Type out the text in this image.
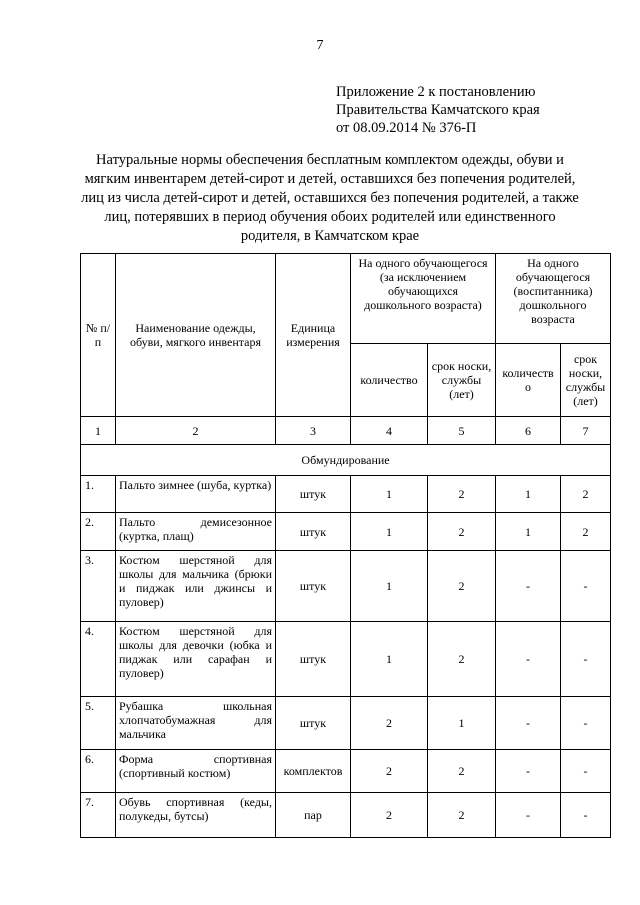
7
Приложение 2 к постановлению
Правительства Камчатского края
от 08.09.2014 № 376-П
Натуральные нормы обеспечения бесплатным комплектом одежды, обуви и
мягким инвентарем детей-сирот и детей, оставшихся без попечения родителей,
лиц из числа детей-сирот и детей, оставшихся без попечения родителей, а также
лиц, потерявших в период обучения обоих родителей или единственного
родителя, в Камчатском крае
№ п/п	Наименование одежды, обуви, мягкого инвентаря	Единица измерения	На одного обучающегося (за исключением обучающихся дошкольного возраста)		На одного обучающегося (воспитанника) дошкольного возраста	
			количество	срок носки, службы (лет)	количеств о	срок носки, службы (лет)
1	2	3	4	5	6	7
Обмундирование						
1.	Пальто зимнее (шуба, куртка)	штук	1	2	1	2
2.	Пальто демисезонное (куртка, плащ)	штук	1	2	1	2
3.	Костюм шерстяной для школы для мальчика (брюки и пиджак или джинсы и пуловер)	штук	1	2	-	-
4.	Костюм шерстяной для школы для девочки (юбка и пиджак или сарафан и пуловер)	штук	1	2	-	-
5.	Рубашка школьная хлопчатобумажная для мальчика	штук	2	1	-	-
6.	Форма спортивная (спортивный костюм)	комплектов	2	2	-	-
7.	Обувь спортивная (кеды, полукеды, бутсы)	пар	2	2	-	-
